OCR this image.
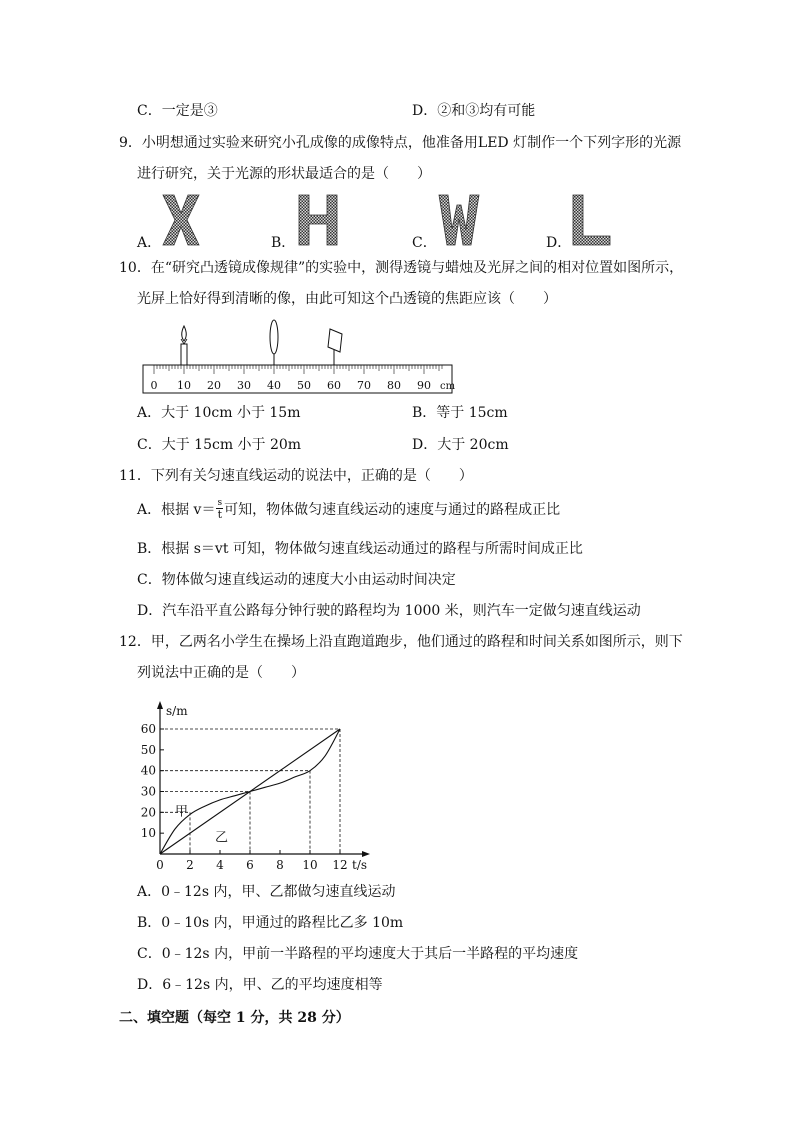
C．一定是③	D．②和③均有可能
9．小明想通过实验来研究小孔成像的成像特点，他准备用LED 灯制作一个下列字形的光源
进行研究，关于光源的形状最适合的是（　　）
A．	B．	C．	D．
10．在“研究凸透镜成像规律”的实验中，测得透镜与蜡烛及光屏之间的相对位置如图所示，
光屏上恰好得到清晰的像，由此可知这个凸透镜的焦距应该（　　）
0 10 20 30 40 50 60 70 80 90 cm
A．大于 10cm 小于 15m	B．等于 15cm
C．大于 15cm 小于 20m	D．大于 20cm
11．下列有关匀速直线运动的说法中，正确的是（　　）
A．根据 $v= \frac{s}{t}$ 可知，物体做匀速直线运动的速度与通过的路程成正比
B．根据 s＝vt 可知，物体做匀速直线运动通过的路程与所需时间成正比
C．物体做匀速直线运动的速度大小由运动时间决定
D．汽车沿平直公路每分钟行驶的路程均为 1000 米，则汽车一定做匀速直线运动
12．甲，乙两名小学生在操场上沿直跑道跑步，他们通过的路程和时间关系如图所示，则下
列说法中正确的是（　　）
10
20
30
40
50
60
0 2 4 6 8 10 12
s/m
t/s
甲
乙
A．0﹣12s 内，甲、乙都做匀速直线运动
B．0﹣10s 内，甲通过的路程比乙多 10m
C．0﹣12s 内，甲前一半路程的平均速度大于其后一半路程的平均速度
D．6﹣12s 内，甲、乙的平均速度相等
二、填空题（每空 1 分，共 28 分）
